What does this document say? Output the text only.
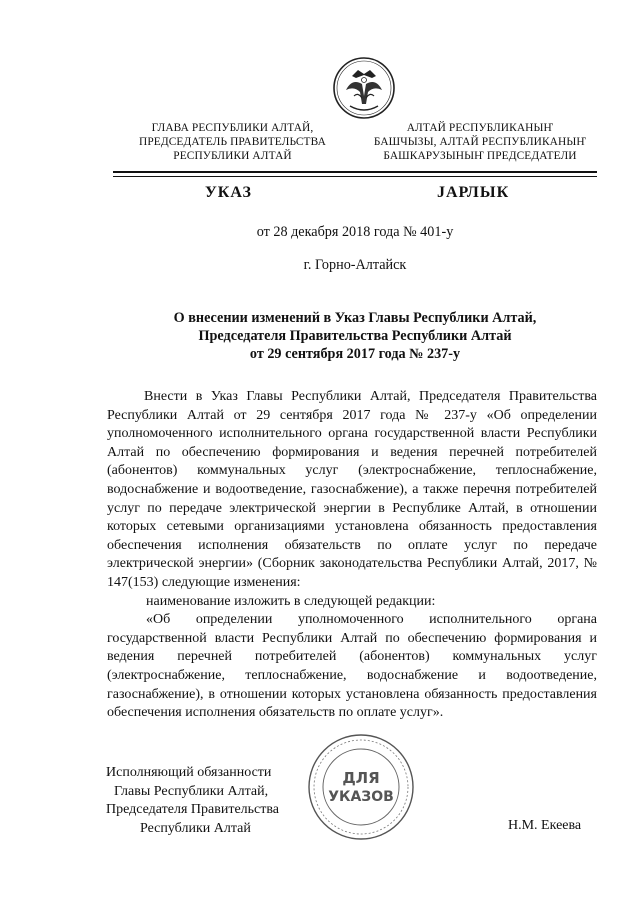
ГЛАВА РЕСПУБЛИКИ АЛТАЙ,
ПРЕДСЕДАТЕЛЬ ПРАВИТЕЛЬСТВА
РЕСПУБЛИКИ АЛТАЙ
АЛТАЙ РЕСПУБЛИКАНЫҤ
БАШЧЫЗЫ, АЛТАЙ РЕСПУБЛИКАНЫҤ
БАШКАРУЗЫНЫҤ ПРЕДСЕДАТЕЛИ
УКАЗ	ЈАРЛЫК
от 28 декабря 2018 года № 401-у
г. Горно-Алтайск
О внесении изменений в Указ Главы Республики Алтай,
Председателя Правительства Республики Алтай
от 29 сентября 2017 года № 237-у

Внести в Указ Главы Республики Алтай, Председателя Правительства Республики Алтай от 29 сентября 2017 года № 237-у «Об определении уполномоченного исполнительного органа государственной власти Республики Алтай по обеспечению формирования и ведения перечней потребителей (абонентов) коммунальных услуг (электроснабжение, теплоснабжение, водоснабжение и водоотведение, газоснабжение), а также перечня потребителей услуг по передаче электрической энергии в Республике Алтай, в отношении которых сетевыми организациями установлена обязанность предоставления обеспечения исполнения обязательств по оплате услуг по передаче электрической энергии» (Сборник законодательства Республики Алтай, 2017, № 147(153) следующие изменения:

наименование изложить в следующей редакции:

«Об определении уполномоченного исполнительного органа государственной власти Республики Алтай по обеспечению формирования и ведения перечней потребителей (абонентов) коммунальных услуг (электроснабжение, теплоснабжение, водоснабжение и водоотведение, газоснабжение), в отношении которых установлена обязанность предоставления обеспечения исполнения обязательств по оплате услуг».

ДЛЯ
УКАЗОВ
Исполняющий обязанности
Главы Республики Алтай,
Председателя Правительства
Республики Алтай	Н.М. Екеева
